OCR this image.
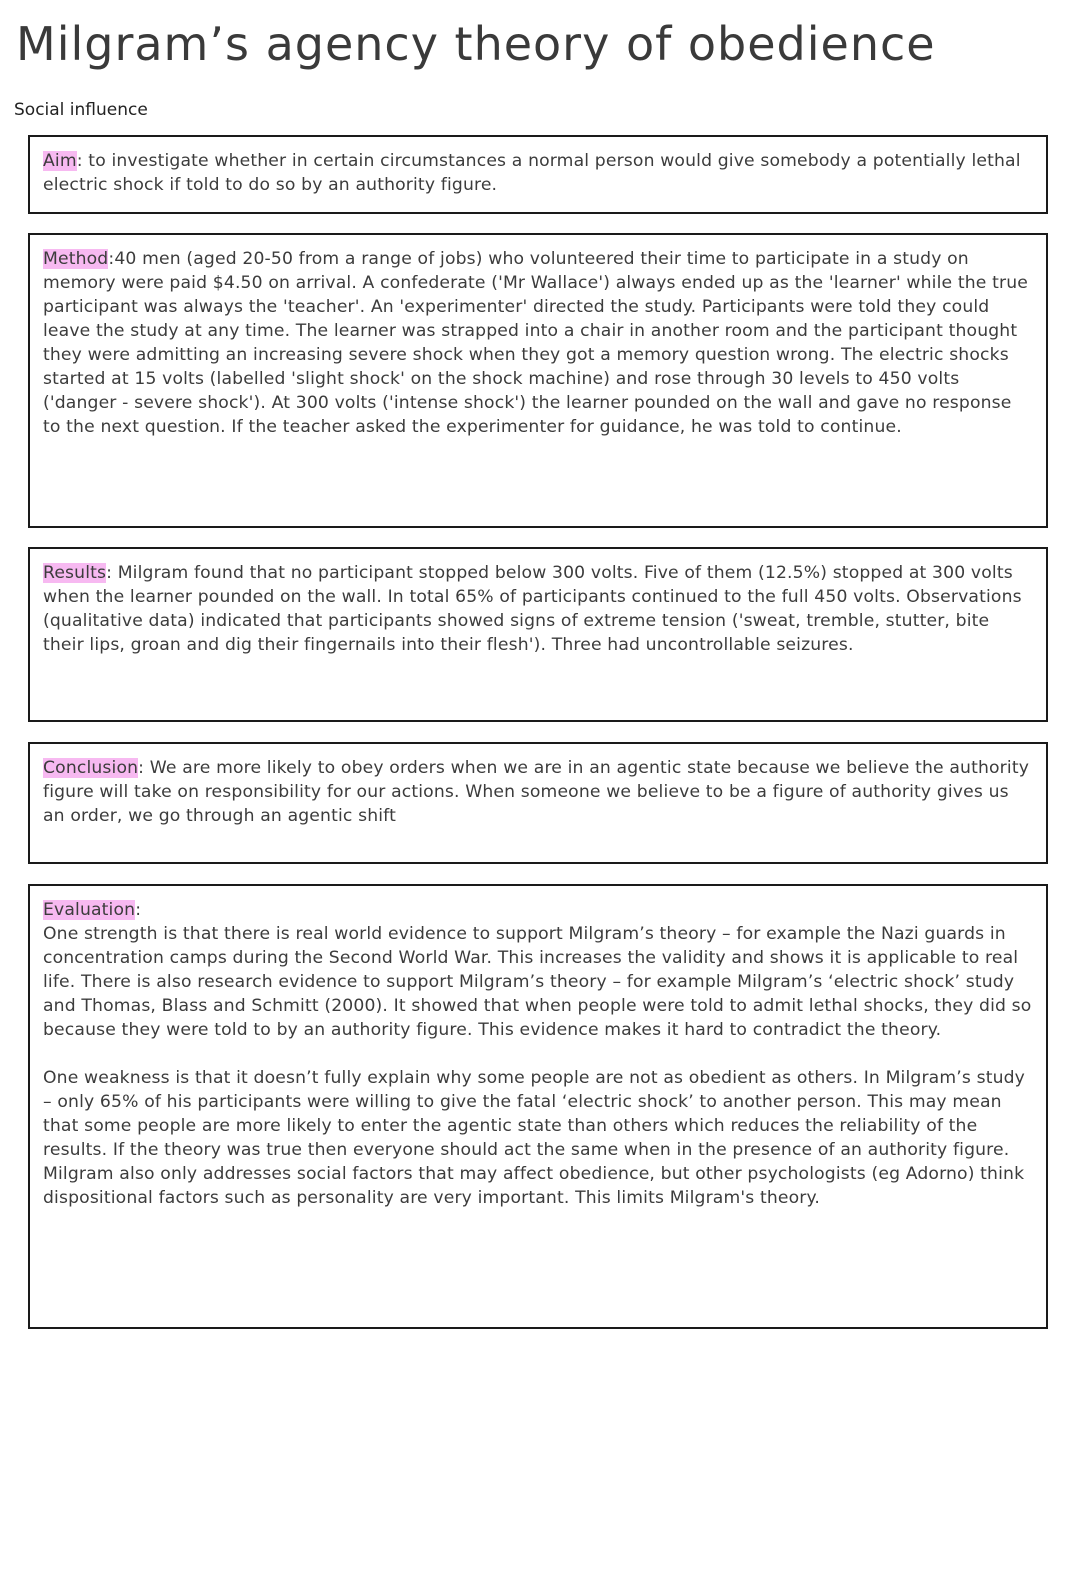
Milgram’s agency theory of obedience
Social influence
Aim: to investigate whether in certain circumstances a normal person would give somebody a potentially lethal electric shock if told to do so by an authority figure.
Method:40 men (aged 20-50 from a range of jobs) who volunteered their time to participate in a study on memory were paid $4.50 on arrival. A confederate ('Mr Wallace') always ended up as the 'learner' while the true participant was always the 'teacher'. An 'experimenter' directed the study. Participants were told they could leave the study at any time. The learner was strapped into a chair in another room and the participant thought they were admitting an increasing severe shock when they got a memory question wrong. The electric shocks started at 15 volts (labelled 'slight shock' on the shock machine) and rose through 30 levels to 450 volts ('danger - severe shock'). At 300 volts ('intense shock') the learner pounded on the wall and gave no response to the next question. If the teacher asked the experimenter for guidance, he was told to continue.
Results: Milgram found that no participant stopped below 300 volts. Five of them (12.5%) stopped at 300 volts when the learner pounded on the wall. In total 65% of participants continued to the full 450 volts. Observations (qualitative data) indicated that participants showed signs of extreme tension ('sweat, tremble, stutter, bite their lips, groan and dig their fingernails into their flesh'). Three had uncontrollable seizures.
Conclusion: We are more likely to obey orders when we are in an agentic state because we believe the authority figure will take on responsibility for our actions. When someone we believe to be a figure of authority gives us an order, we go through an agentic shift
Evaluation:

One strength is that there is real world evidence to support Milgram’s theory – for example the Nazi guards in concentration camps during the Second World War. This increases the validity and shows it is applicable to real life. There is also research evidence to support Milgram’s theory – for example Milgram’s ‘electric shock’ study and Thomas, Blass and Schmitt (2000). It showed that when people were told to admit lethal shocks, they did so because they were told to by an authority figure. This evidence makes it hard to contradict the theory.

One weakness is that it doesn’t fully explain why some people are not as obedient as others. In Milgram’s study – only 65% of his participants were willing to give the fatal ‘electric shock’ to another person. This may mean that some people are more likely to enter the agentic state than others which reduces the reliability of the results. If the theory was true then everyone should act the same when in the presence of an authority figure. Milgram also only addresses social factors that may affect obedience, but other psychologists (eg Adorno) think dispositional factors such as personality are very important. This limits Milgram's theory.
